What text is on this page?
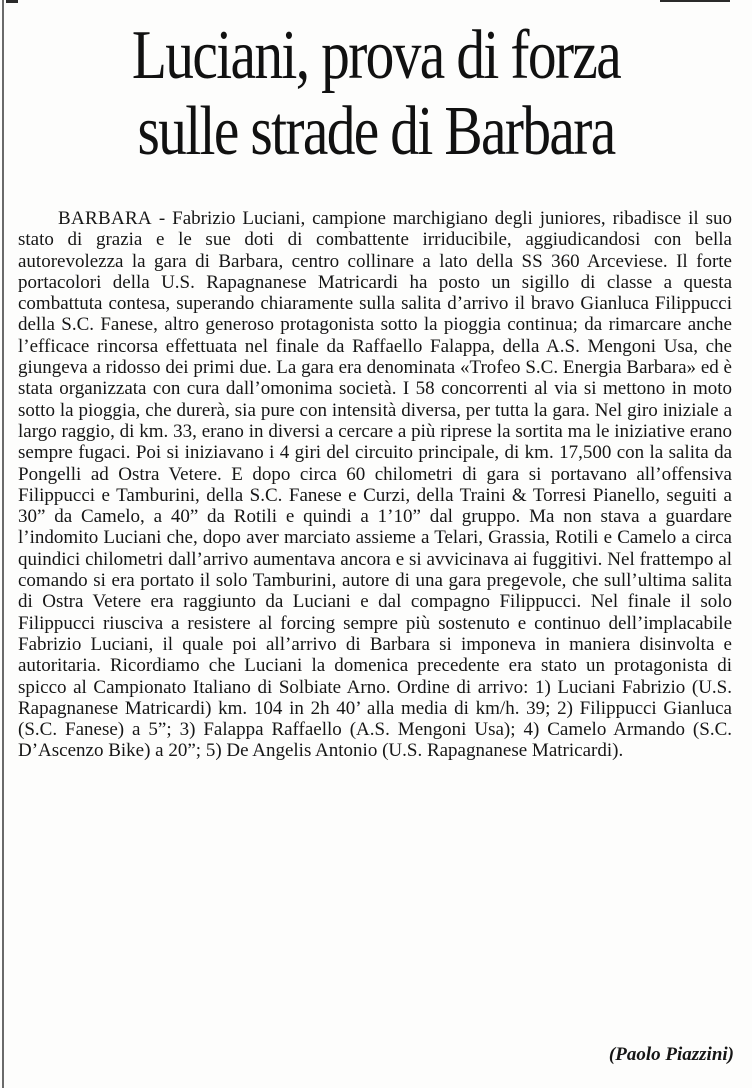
Luciani, prova di forza
sulle strade di Barbara

BARBARA - Fabrizio Luciani, campione marchigiano degli juniores, ribadisce il suo stato di grazia e le sue doti di combattente irriducibile, aggiudicandosi con bella autorevolezza la gara di Barbara, centro collinare a lato della SS 360 Arceviese. Il forte portacolori della U.S. Rapagnanese Matricardi ha posto un sigillo di classe a questa combattuta contesa, superando chiaramente sulla salita d’arrivo il bravo Gianluca Filippucci della S.C. Fanese, altro generoso protagonista sotto la pioggia continua; da rimarcare anche l’efficace rincorsa effettuata nel finale da Raffaello Falappa, della A.S. Mengoni Usa, che giungeva a ridosso dei primi due. La gara era denominata «Trofeo S.C. Energia Barbara» ed è stata organizzata con cura dall’omonima società. I 58 concorrenti al via si mettono in moto sotto la pioggia, che durerà, sia pure con intensità diversa, per tutta la gara. Nel giro iniziale a largo raggio, di km. 33, erano in diversi a cercare a più riprese la sortita ma le iniziative erano sempre fugaci. Poi si iniziavano i 4 giri del circuito principale, di km. 17,500 con la salita da Pongelli ad Ostra Vetere. E dopo circa 60 chilometri di gara si portavano all’offensiva Filippucci e Tamburini, della S.C. Fanese e Curzi, della Traini & Torresi Pianello, seguiti a 30” da Camelo, a 40” da Rotili e quindi a 1’10” dal gruppo. Ma non stava a guardare l’indomito Luciani che, dopo aver marciato assieme a Telari, Grassia, Rotili e Camelo a circa quindici chilometri dall’arrivo aumentava ancora e si avvicinava ai fuggitivi. Nel frattempo al comando si era portato il solo Tamburini, autore di una gara pregevole, che sull’ultima salita di Ostra Vetere era raggiunto da Luciani e dal compagno Filippucci. Nel finale il solo Filippucci riusciva a resistere al forcing sempre più sostenuto e continuo dell’implacabile Fabrizio Luciani, il quale poi all’arrivo di Barbara si imponeva in maniera disinvolta e autoritaria. Ricordiamo che Luciani la domenica precedente era stato un protagonista di spicco al Campionato Italiano di Solbiate Arno. Ordine di arrivo: 1) Luciani Fabrizio (U.S. Rapagnanese Matricardi) km. 104 in 2h 40’ alla media di km/h. 39; 2) Filippucci Gianluca (S.C. Fanese) a 5”; 3) Falappa Raffaello (A.S. Mengoni Usa); 4) Camelo Armando (S.C. D’Ascenzo Bike) a 20”; 5) De Angelis Antonio (U.S. Rapagnanese Matricardi).

(Paolo Piazzini)
